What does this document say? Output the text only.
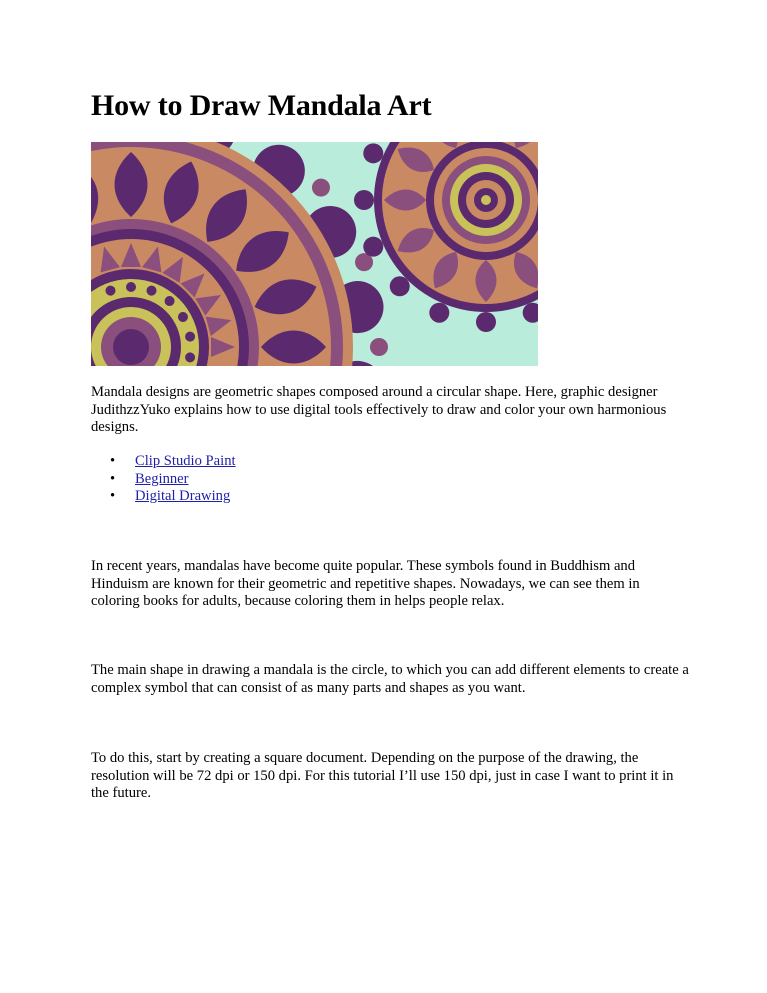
How to Draw Mandala Art

Mandala designs are geometric shapes composed around a circular shape. Here, graphic designer JudithzzYuko explains how to use digital tools effectively to draw and color your own harmonious designs.

• Clip Studio Paint
• Beginner
• Digital Drawing

In recent years, mandalas have become quite popular. These symbols found in Buddhism and Hinduism are known for their geometric and repetitive shapes. Nowadays, we can see them in coloring books for adults, because coloring them in helps people relax.

The main shape in drawing a mandala is the circle, to which you can add different elements to create a complex symbol that can consist of as many parts and shapes as you want.

To do this, start by creating a square document. Depending on the purpose of the drawing, the resolution will be 72 dpi or 150 dpi. For this tutorial I’ll use 150 dpi, just in case I want to print it in the future.
